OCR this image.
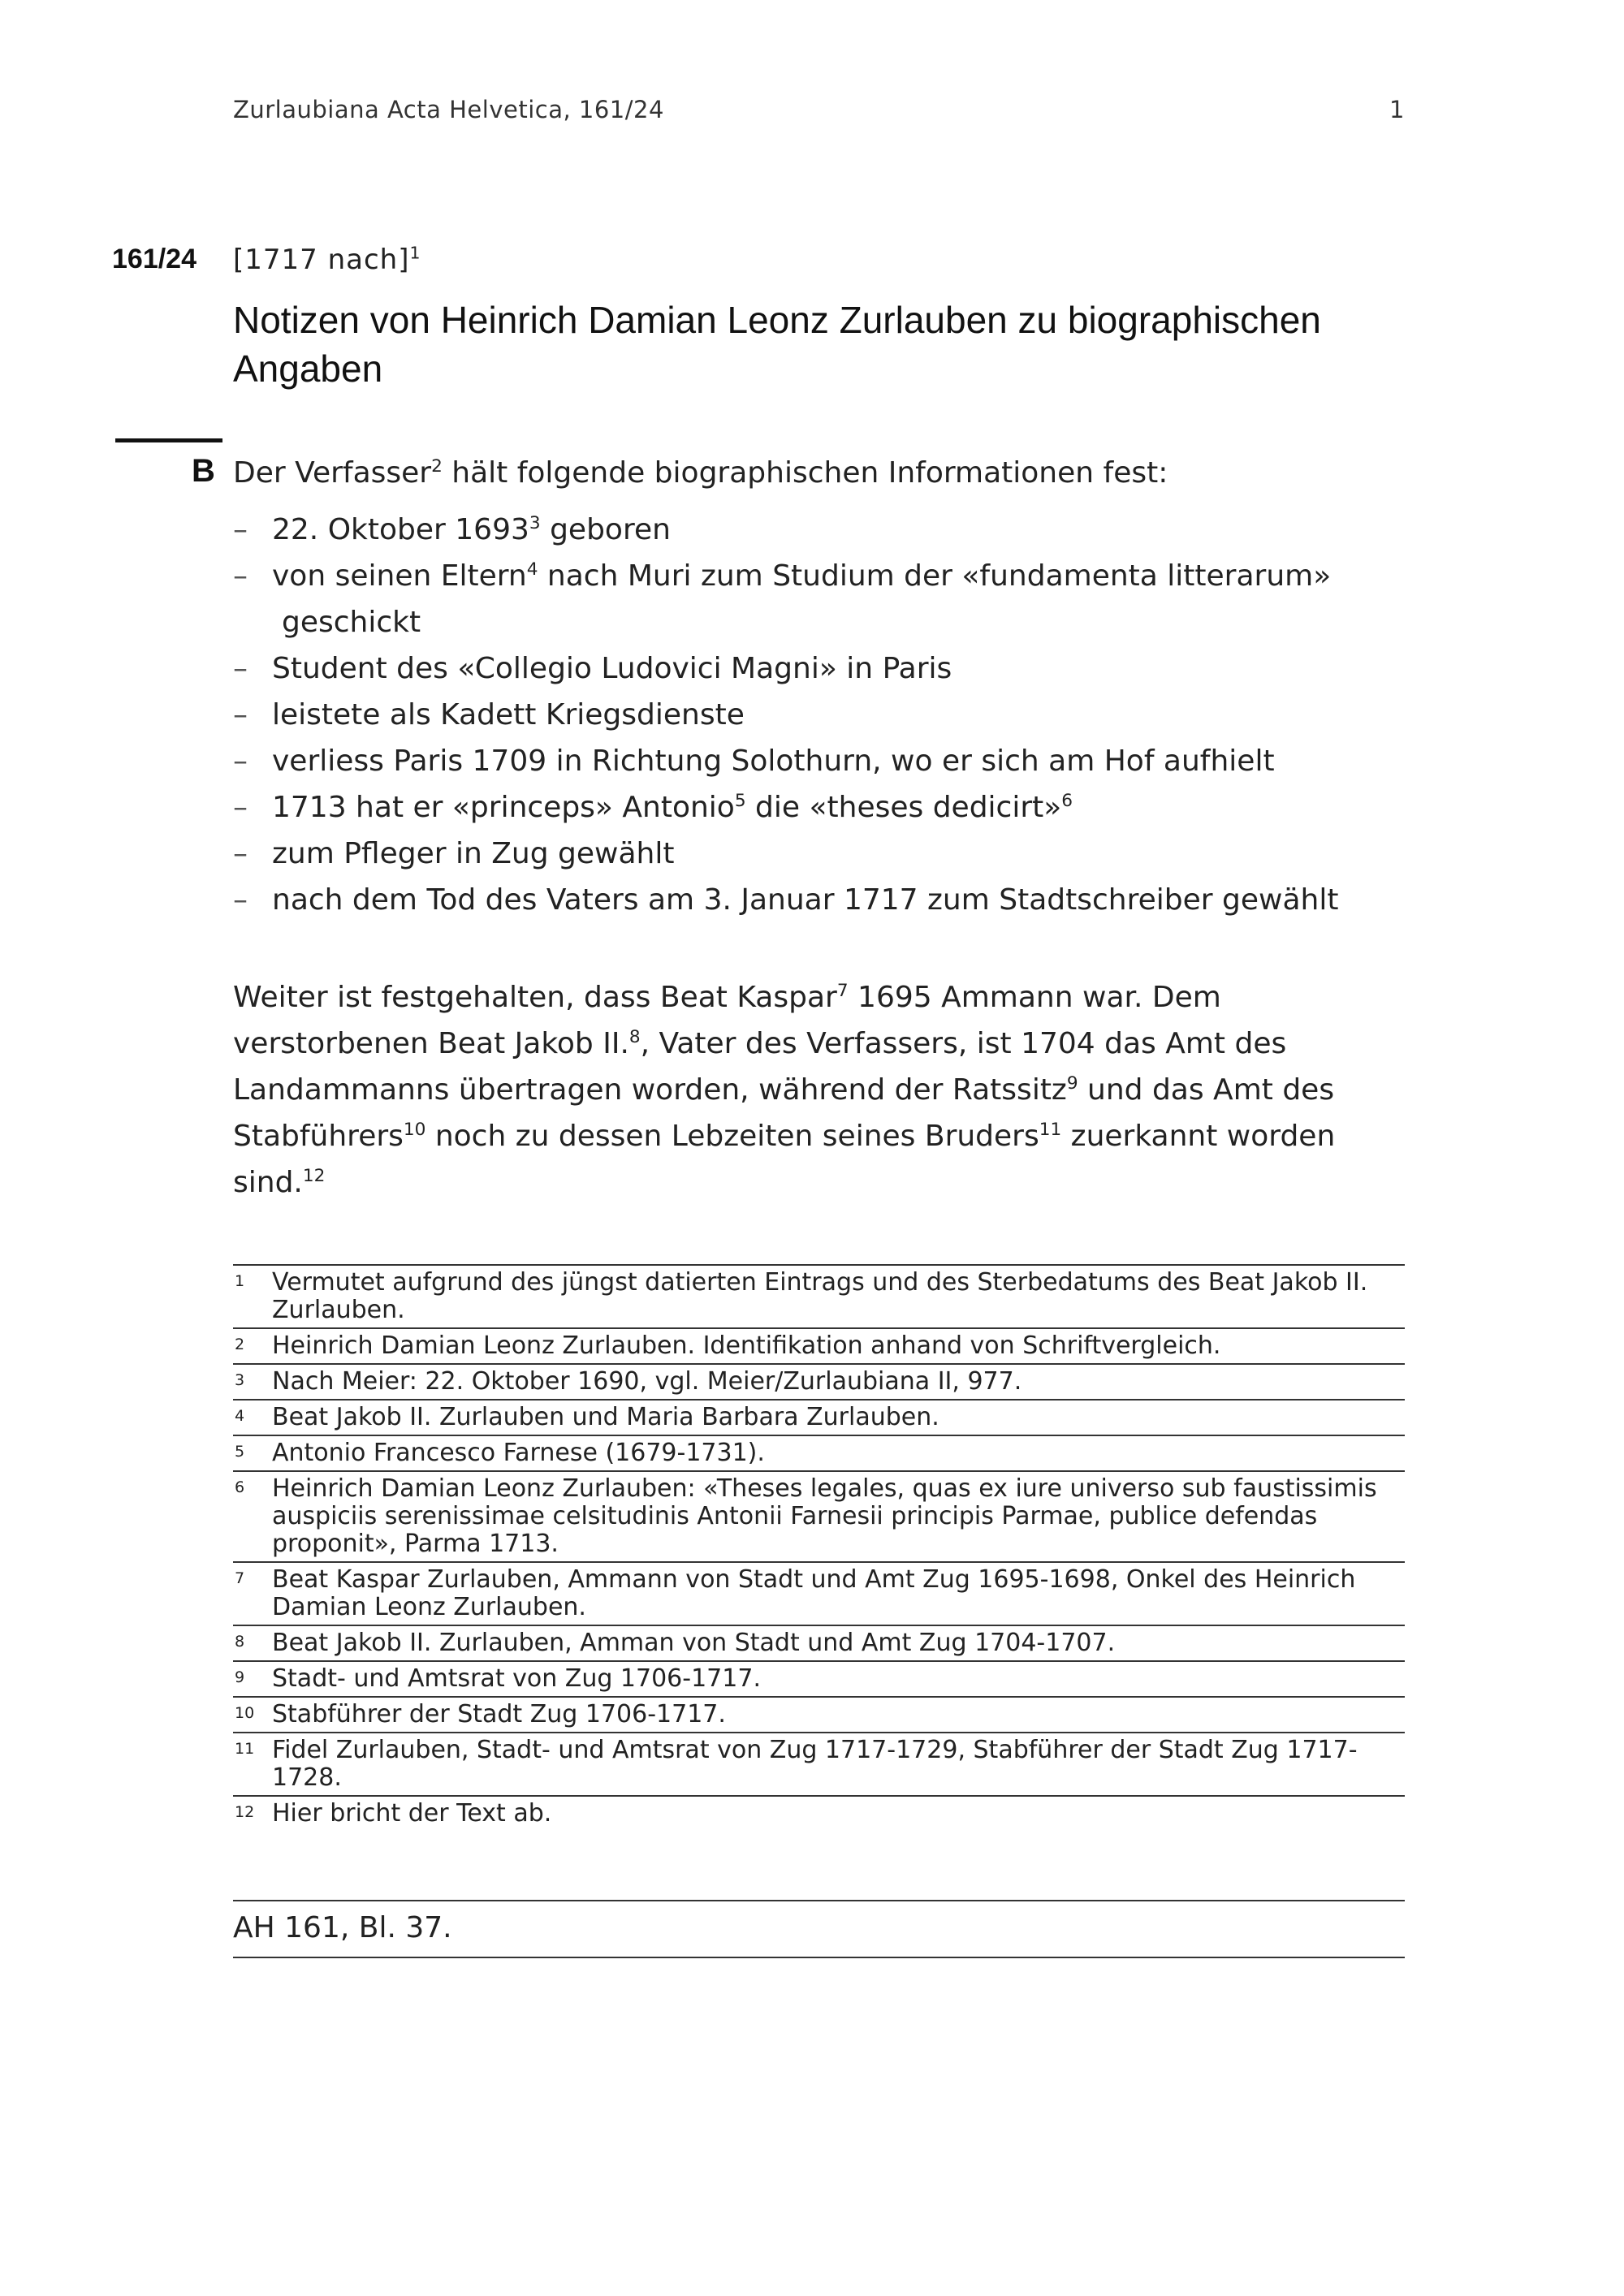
Zurlaubiana Acta Helvetica, 161/24	1
161/24 [1717 nach]$^1$
Notizen von Heinrich Damian Leonz Zurlauben zu biographischen Angaben
B Der Verfasser$^2$ hält folgende biographischen Informationen fest:
– 22. Oktober 1693$^3$ geboren
– von seinen Eltern$^4$ nach Muri zum Studium der «fundamenta litterarum»
geschickt
– Student des «Collegio Ludovici Magni» in Paris
– leistete als Kadett Kriegsdienste
– verliess Paris 1709 in Richtung Solothurn, wo er sich am Hof aufhielt
– 1713 hat er «princeps» Antonio$^5$ die «theses dedicirt»$^6$
– zum Pfleger in Zug gewählt
– nach dem Tod des Vaters am 3. Januar 1717 zum Stadtschreiber gewählt
Weiter ist festgehalten, dass Beat Kaspar$^7$ 1695 Ammann war. Dem verstorbenen Beat Jakob II.$^8$, Vater des Verfassers, ist 1704 das Amt des Landammanns übertragen worden, während der Ratssitz$^9$ und das Amt des Stabführers$^{10}$ noch zu dessen Lebzeiten seines Bruders$^{11}$ zuerkannt worden sind.$^{12}$
1 Vermutet aufgrund des jüngst datierten Eintrags und des Sterbedatums des Beat Jakob II. Zurlauben.
2 Heinrich Damian Leonz Zurlauben. Identifikation anhand von Schriftvergleich.
3 Nach Meier: 22. Oktober 1690, vgl. Meier/Zurlaubiana II, 977.
4 Beat Jakob II. Zurlauben und Maria Barbara Zurlauben.
5 Antonio Francesco Farnese (1679-1731).
6 Heinrich Damian Leonz Zurlauben: «Theses legales, quas ex iure universo sub faustissimis auspiciis serenissimae celsitudinis Antonii Farnesii principis Parmae, publice defendas proponit», Parma 1713.
7 Beat Kaspar Zurlauben, Ammann von Stadt und Amt Zug 1695-1698, Onkel des Heinrich Damian Leonz Zurlauben.
8 Beat Jakob II. Zurlauben, Amman von Stadt und Amt Zug 1704-1707.
9 Stadt- und Amtsrat von Zug 1706-1717.
10 Stabführer der Stadt Zug 1706-1717.
11 Fidel Zurlauben, Stadt- und Amtsrat von Zug 1717-1729, Stabführer der Stadt Zug 1717-1728.
12 Hier bricht der Text ab.
AH 161, Bl. 37.
